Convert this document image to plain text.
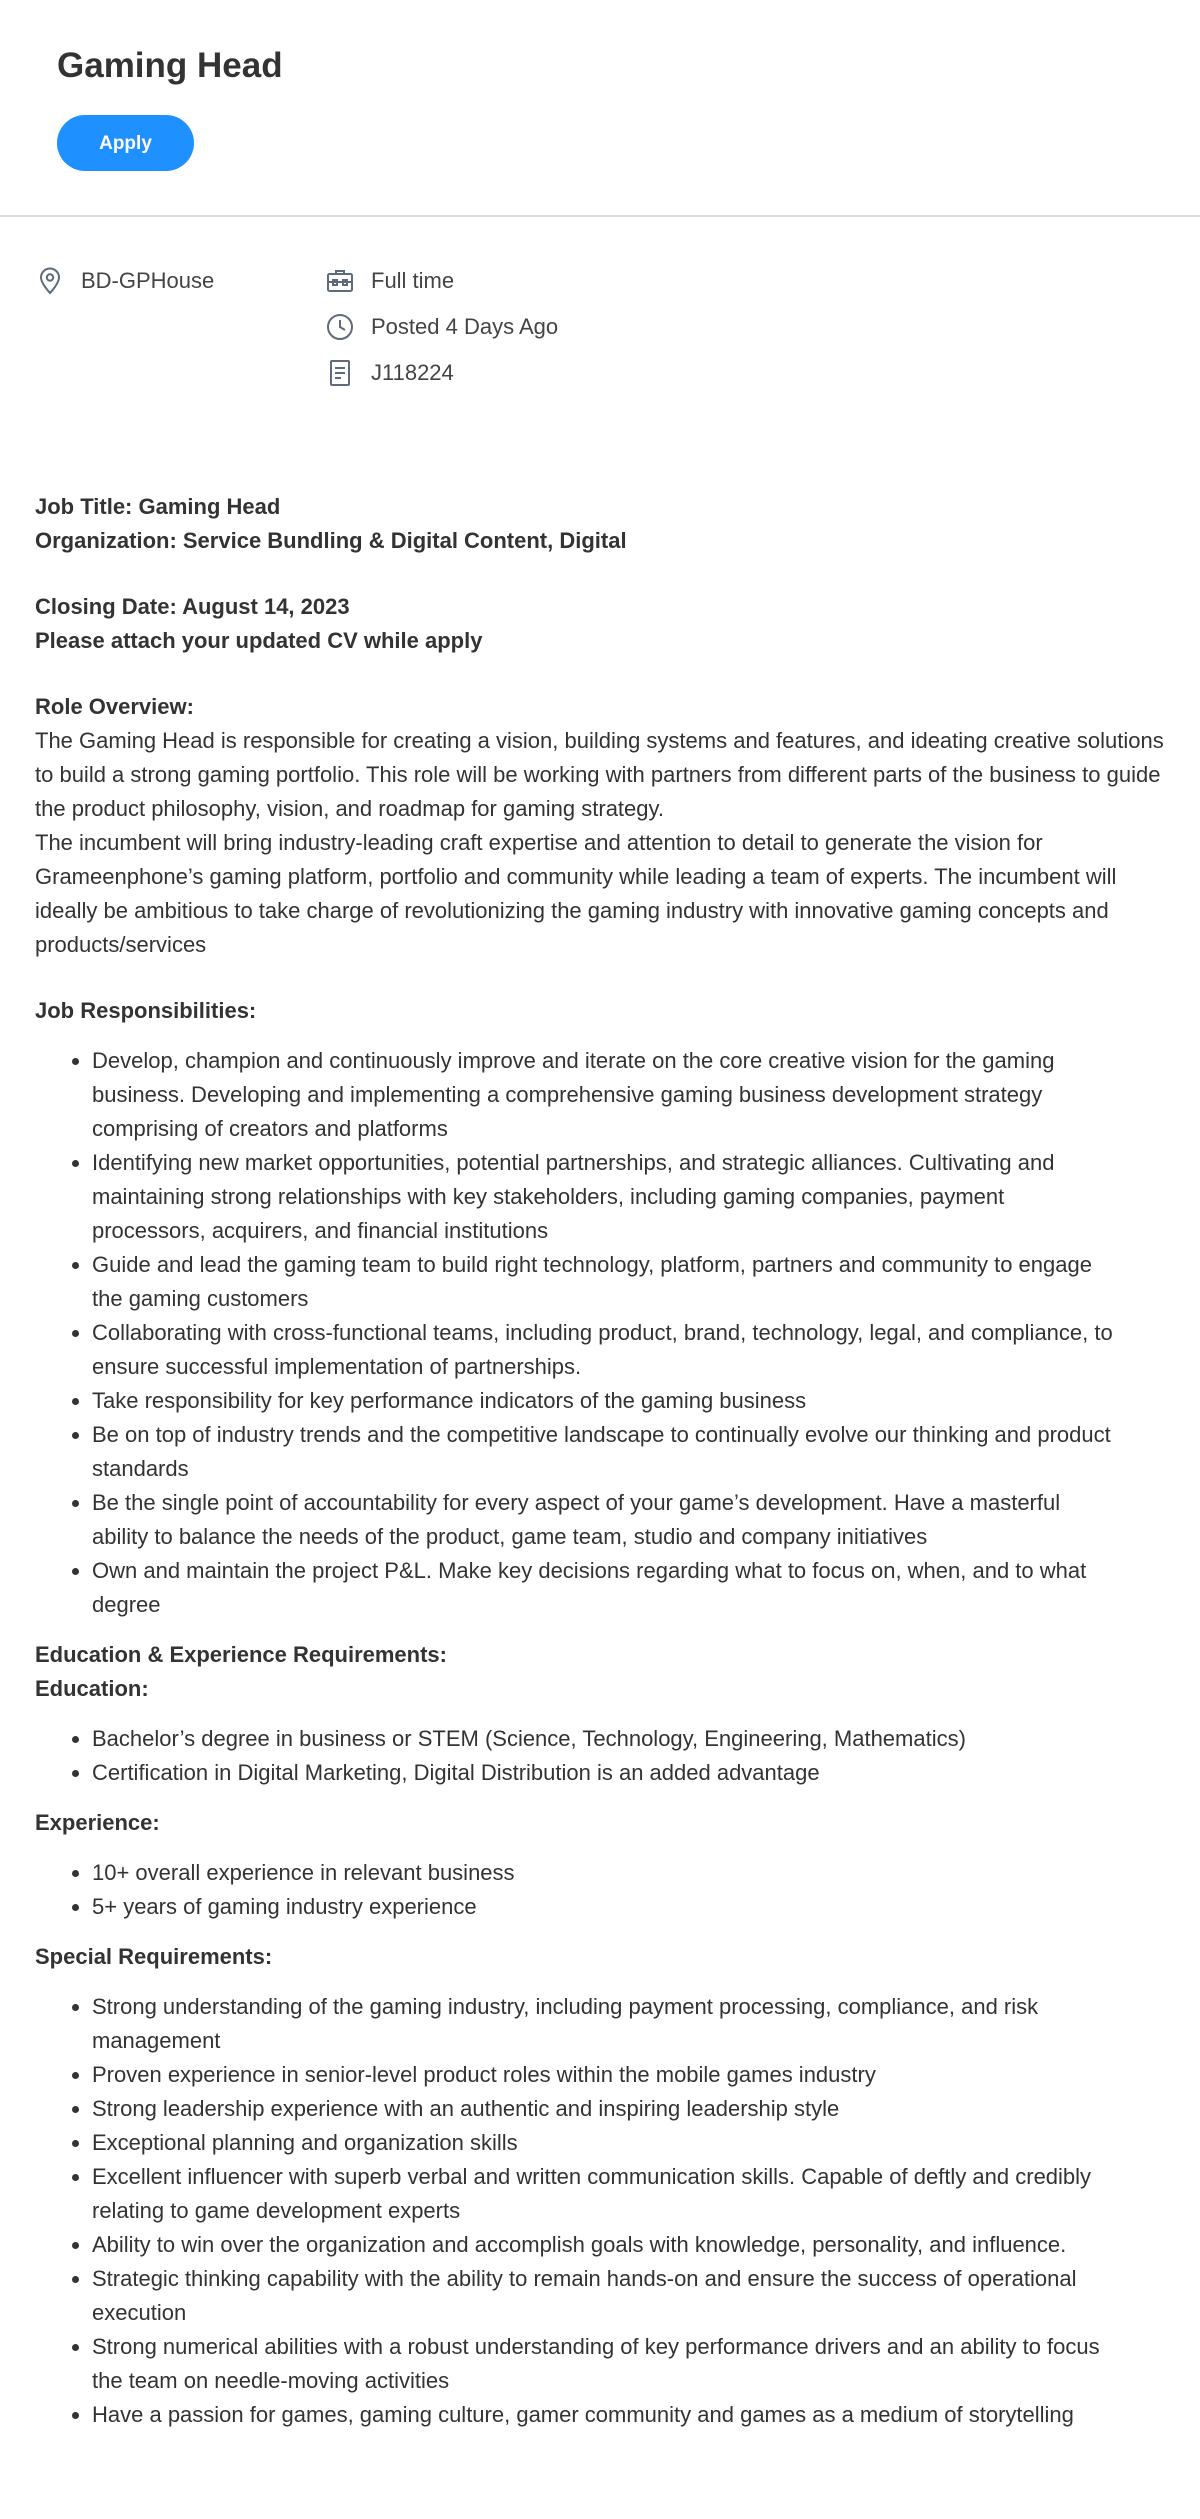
Gaming Head
Apply
BD-GPHouse	Full time
Posted 4 Days Ago
J118224

Job Title: Gaming Head

Organization: Service Bundling & Digital Content, Digital

Closing Date: August 14, 2023

Please attach your updated CV while apply

Role Overview:

The Gaming Head is responsible for creating a vision, building systems and features, and ideating creative solutions to build a strong gaming portfolio. This role will be working with partners from different parts of the business to guide the product philosophy, vision, and roadmap for gaming strategy.

The incumbent will bring industry-leading craft expertise and attention to detail to generate the vision for Grameenphone’s gaming platform, portfolio and community while leading a team of experts. The incumbent will ideally be ambitious to take charge of revolutionizing the gaming industry with innovative gaming concepts and products/services

Job Responsibilities:

Develop, champion and continuously improve and iterate on the core creative vision for the gaming business. Developing and implementing a comprehensive gaming business development strategy comprising of creators and platforms
Identifying new market opportunities, potential partnerships, and strategic alliances. Cultivating and maintaining strong relationships with key stakeholders, including gaming companies, payment processors, acquirers, and financial institutions
Guide and lead the gaming team to build right technology, platform, partners and community to engage the gaming customers
Collaborating with cross-functional teams, including product, brand, technology, legal, and compliance, to ensure successful implementation of partnerships.
Take responsibility for key performance indicators of the gaming business
Be on top of industry trends and the competitive landscape to continually evolve our thinking and product standards
Be the single point of accountability for every aspect of your game’s development. Have a masterful ability to balance the needs of the product, game team, studio and company initiatives
Own and maintain the project P&L. Make key decisions regarding what to focus on, when, and to what degree

Education & Experience Requirements:

Education:

Bachelor’s degree in business or STEM (Science, Technology, Engineering, Mathematics)
Certification in Digital Marketing, Digital Distribution is an added advantage

Experience:

10+ overall experience in relevant business
5+ years of gaming industry experience

Special Requirements:

Strong understanding of the gaming industry, including payment processing, compliance, and risk management
Proven experience in senior-level product roles within the mobile games industry
Strong leadership experience with an authentic and inspiring leadership style
Exceptional planning and organization skills
Excellent influencer with superb verbal and written communication skills. Capable of deftly and credibly relating to game development experts
Ability to win over the organization and accomplish goals with knowledge, personality, and influence.
Strategic thinking capability with the ability to remain hands-on and ensure the success of operational execution
Strong numerical abilities with a robust understanding of key performance drivers and an ability to focus the team on needle-moving activities
Have a passion for games, gaming culture, gamer community and games as a medium of storytelling
